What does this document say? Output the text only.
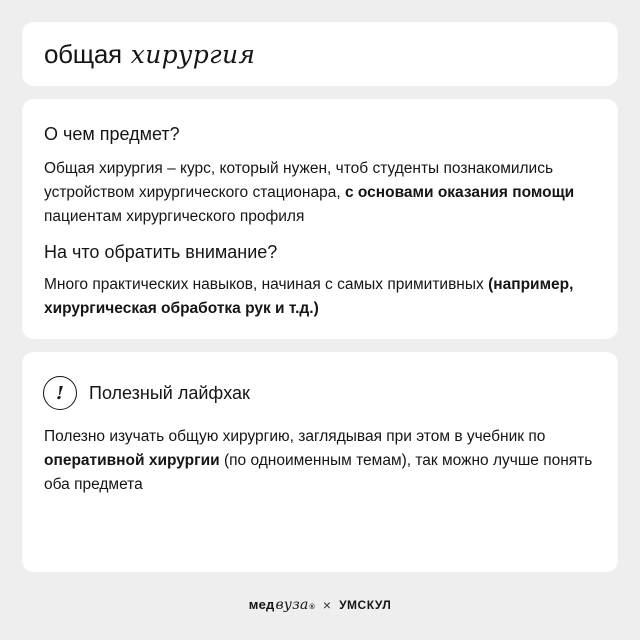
общая хирургия

О чем предмет?

Общая хирургия – курс, который нужен, чтоб студенты познакомились устройством хирургического стационара, с основами оказания помощи пациентам хирургического профиля

На что обратить внимание?

Много практических навыков, начиная с самых примитивных (например, хирургическая обработка рук и т.д.)

!	Полезный лайфхак

Полезно изучать общую хирургию, заглядывая при этом в учебник по оперативной хирургии (по одноименным темам), так можно лучше понять оба предмета

мед вуза ® × УМСКУЛ
